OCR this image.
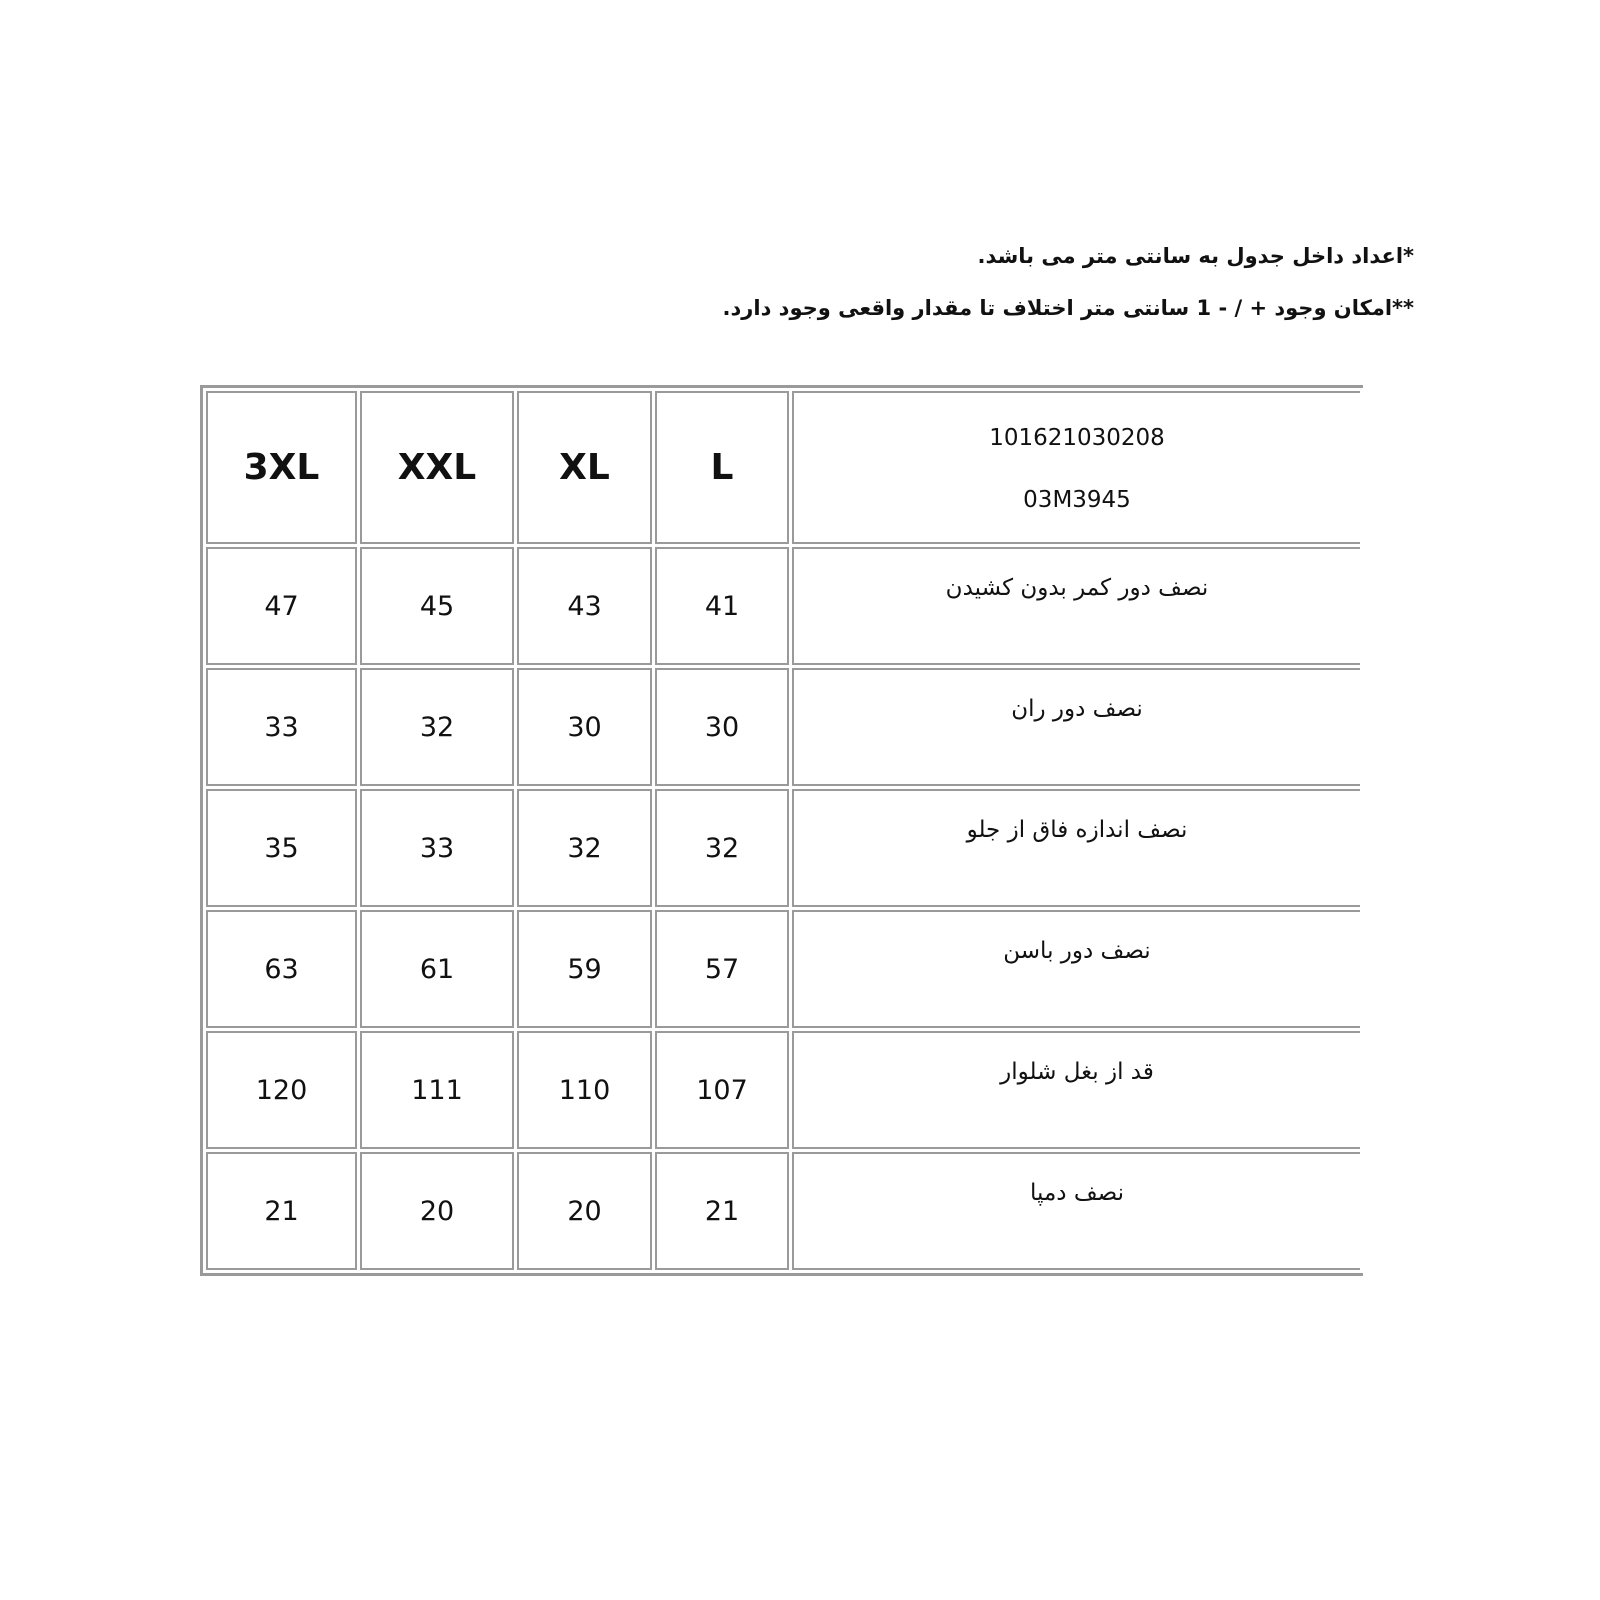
*اعداد داخل جدول به سانتی متر می باشد.
**امکان وجود + / - 1 سانتی متر اختلاف تا مقدار واقعی وجود دارد.
101621030208
03M3945	L	XL	XXL	3XL
نصف دور کمر بدون کشیدن	41	43	45	47
نصف دور ران	30	30	32	33
نصف اندازه فاق از جلو	32	32	33	35
نصف دور باسن	57	59	61	63
قد از بغل شلوار	107	110	111	120
نصف دمپا	21	20	20	21
